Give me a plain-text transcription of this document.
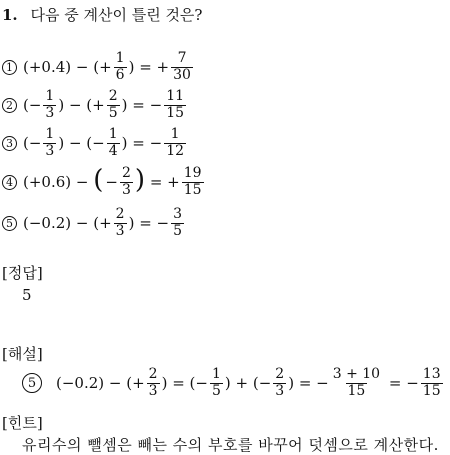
1. 다음 중 계산이 틀린 것은?
1 (+0.4) − (+ $\frac{1}{6}$ ) = + $\frac{7}{30}$
2 (− $\frac{1}{3}$ ) − (+ $\frac{2}{5}$ ) = − $\frac{11}{15}$
3 (− $\frac{1}{3}$ ) − (− $\frac{1}{4}$ ) = − $\frac{1}{12}$
4 (+0.6) − ( − $\frac{2}{3}$ ) = + $\frac{19}{15}$
5 (−0.2) − (+ $\frac{2}{3}$ ) = − $\frac{3}{5}$
[정답]
5
[해설]
5	(−0.2) − (+ $\frac{2}{3}$ ) = (− $\frac{1}{5}$ ) + (− $\frac{2}{3}$ ) = − $\frac{3 + 10}{15}$ = − $\frac{13}{15}$
[힌트]
유리수의 뺄셈은 빼는 수의 부호를 바꾸어 덧셈으로 계산한다.
